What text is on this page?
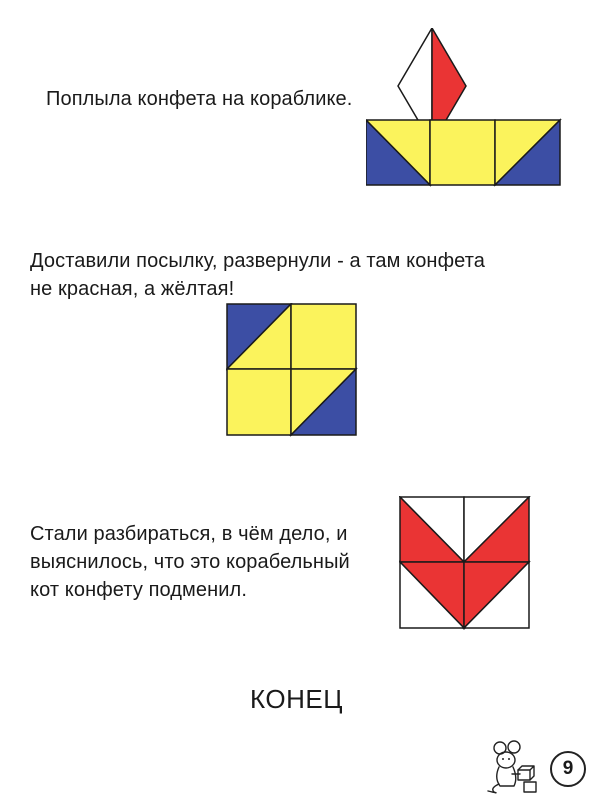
Поплыла конфета на кораблике.
Доставили посылку, развернули - а там конфета
не красная, а жёлтая!
Стали разбираться, в чём дело, и
выяснилось, что это корабельный
кот конфету подменил.
КОНЕЦ
9
